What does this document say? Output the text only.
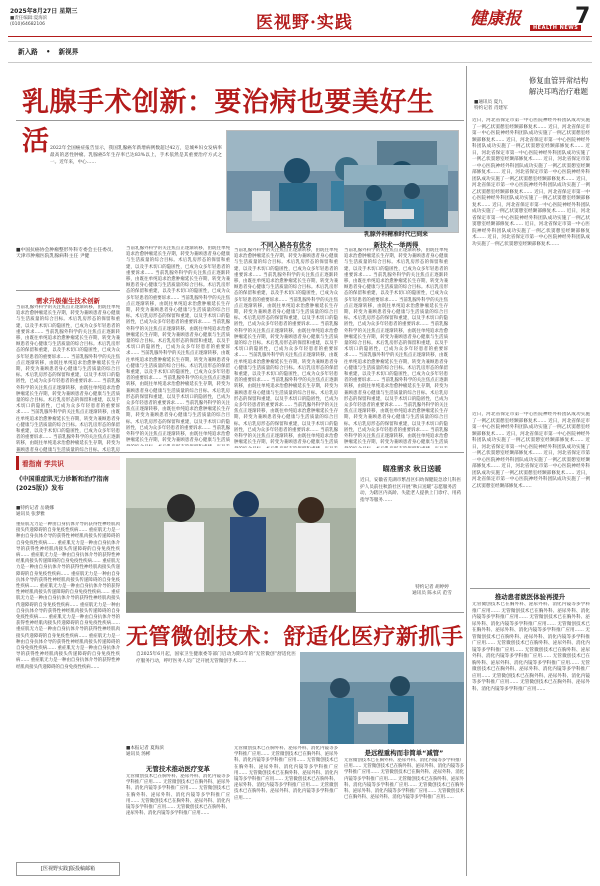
2025年8月27日 星期三
■责任编辑:夏海滨
(010)64682106	医视野·实践	健康报	HEALTH NEWS
7
新入路 • 新视界
乳腺手术创新：要治病也要美好生活
修复血管异常结构
解决耳鸣治疗难题
2022年全国癌症报告显示，我国乳腺癌年新增病例数超过42万，是城乡妇女发病率最高的恶性肿瘤。乳腺癌5年生存率已达83%以上，手术依然是其重要治疗方式之一。近年来，中心……
■中国抗癌协会肿瘤整形外科专委会主任委员、天津市肿瘤医院乳腺病科主任 尹健
需求升级催生技术创新
当前乳腺外科学的关注焦点正逐渐转移，由既往单纯追求治愈肿瘤延长生存期，转变为兼顾患者身心健康与生活质量的综合目标。术后乳房形态的保留和重建，以及手术切口的隐匿性，已成为众多年轻患者的重要诉求…… 当前乳腺外科学的关注焦点正逐渐转移，由既往单纯追求治愈肿瘤延长生存期，转变为兼顾患者身心健康与生活质量的综合目标。术后乳房形态的保留和重建，以及手术切口的隐匿性，已成为众多年轻患者的重要诉求…… 当前乳腺外科学的关注焦点正逐渐转移，由既往单纯追求治愈肿瘤延长生存期，转变为兼顾患者身心健康与生活质量的综合目标。术后乳房形态的保留和重建，以及手术切口的隐匿性，已成为众多年轻患者的重要诉求…… 当前乳腺外科学的关注焦点正逐渐转移，由既往单纯追求治愈肿瘤延长生存期，转变为兼顾患者身心健康与生活质量的综合目标。术后乳房形态的保留和重建，以及手术切口的隐匿性，已成为众多年轻患者的重要诉求…… 当前乳腺外科学的关注焦点正逐渐转移，由既往单纯追求治愈肿瘤延长生存期，转变为兼顾患者身心健康与生活质量的综合目标。术后乳房形态的保留和重建，以及手术切口的隐匿性，已成为众多年轻患者的重要诉求…… 当前乳腺外科学的关注焦点正逐渐转移，由既往单纯追求治愈肿瘤延长生存期，转变为兼顾患者身心健康与生活质量的综合目标。术后乳房
当前乳腺外科学的关注焦点正逐渐转移，由既往单纯追求治愈肿瘤延长生存期，转变为兼顾患者身心健康与生活质量的综合目标。术后乳房形态的保留和重建，以及手术切口的隐匿性，已成为众多年轻患者的重要诉求…… 当前乳腺外科学的关注焦点正逐渐转移，由既往单纯追求治愈肿瘤延长生存期，转变为兼顾患者身心健康与生活质量的综合目标。术后乳房形态的保留和重建，以及手术切口的隐匿性，已成为众多年轻患者的重要诉求…… 当前乳腺外科学的关注焦点正逐渐转移，由既往单纯追求治愈肿瘤延长生存期，转变为兼顾患者身心健康与生活质量的综合目标。术后乳房形态的保留和重建，以及手术切口的隐匿性，已成为众多年轻患者的重要诉求…… 当前乳腺外科学的关注焦点正逐渐转移，由既往单纯追求治愈肿瘤延长生存期，转变为兼顾患者身心健康与生活质量的综合目标。术后乳房形态的保留和重建，以及手术切口的隐匿性，已成为众多年轻患者的重要诉求…… 当前乳腺外科学的关注焦点正逐渐转移，由既往单纯追求治愈肿瘤延长生存期，转变为兼顾患者身心健康与生活质量的综合目标。术后乳房形态的保留和重建，以及手术切口的隐匿性，已成为众多年轻患者的重要诉求…… 当前乳腺外科学的关注焦点正逐渐转移，由既往单纯追求治愈肿瘤延长生存期，转变为兼顾患者身心健康与生活质量的综合目标。术后乳房形态的保留和重建，以及手术切口的隐匿性，已成为众多年轻患者的重要诉求…… 当前乳腺外科学的关注焦点正逐渐转移，由既往单纯追求治愈肿瘤延长生存期，转变为兼顾患者身心健康与生活质量的综合目标。术后乳房形态的保留和重建，以及手术切口的隐匿性，已成为众多年轻患者的重要诉求…… 当前乳腺外科学的关注焦点正逐渐转移，由既往单纯追求治愈肿瘤延长生存期，转变为兼顾患者身心健康与生活质
不同入路各有优劣
当前乳腺外科学的关注焦点正逐渐转移，由既往单纯追求治愈肿瘤延长生存期，转变为兼顾患者身心健康与生活质量的综合目标。术后乳房形态的保留和重建，以及手术切口的隐匿性，已成为众多年轻患者的重要诉求…… 当前乳腺外科学的关注焦点正逐渐转移，由既往单纯追求治愈肿瘤延长生存期，转变为兼顾患者身心健康与生活质量的综合目标。术后乳房形态的保留和重建，以及手术切口的隐匿性，已成为众多年轻患者的重要诉求…… 当前乳腺外科学的关注焦点正逐渐转移，由既往单纯追求治愈肿瘤延长生存期，转变为兼顾患者身心健康与生活质量的综合目标。术后乳房形态的保留和重建，以及手术切口的隐匿性，已成为众多年轻患者的重要诉求…… 当前乳腺外科学的关注焦点正逐渐转移，由既往单纯追求治愈肿瘤延长生存期，转变为兼顾患者身心健康与生活质量的综合目标。术后乳房形态的保留和重建，以及手术切口的隐匿性，已成为众多年轻患者的重要诉求…… 当前乳腺外科学的关注焦点正逐渐转移，由既往单纯追求治愈肿瘤延长生存期，转变为兼顾患者身心健康与生活质量的综合目标。术后乳房形态的保留和重建，以及手术切口的隐匿性，已成为众多年轻患者的重要诉求…… 当前乳腺外科学的关注焦点正逐渐转移，由既往单纯追求治愈肿瘤延长生存期，转变为兼顾患者身心健康与生活质量的综合目标。术后乳房形态的保留和重建，以及手术切口的隐匿性，已成为众多年轻患者的重要诉求…… 当前乳腺外科学的关注焦点正逐渐转移，由既往单纯追求治愈肿瘤延长生存期，转变为兼顾患者身心健康与生活质量的综合目标。术后乳房形态的保留和重建，以及手术切口的隐匿性，已成为众多年轻患者的重要诉求…… 当前乳腺外科学的关注焦点正逐渐转移，由既往单纯追求治愈肿瘤延长生存期，转变为兼顾患者身心健康与生活质
新技术一举两得
当前乳腺外科学的关注焦点正逐渐转移，由既往单纯追求治愈肿瘤延长生存期，转变为兼顾患者身心健康与生活质量的综合目标。术后乳房形态的保留和重建，以及手术切口的隐匿性，已成为众多年轻患者的重要诉求…… 当前乳腺外科学的关注焦点正逐渐转移，由既往单纯追求治愈肿瘤延长生存期，转变为兼顾患者身心健康与生活质量的综合目标。术后乳房形态的保留和重建，以及手术切口的隐匿性，已成为众多年轻患者的重要诉求…… 当前乳腺外科学的关注焦点正逐渐转移，由既往单纯追求治愈肿瘤延长生存期，转变为兼顾患者身心健康与生活质量的综合目标。术后乳房形态的保留和重建，以及手术切口的隐匿性，已成为众多年轻患者的重要诉求…… 当前乳腺外科学的关注焦点正逐渐转移，由既往单纯追求治愈肿瘤延长生存期，转变为兼顾患者身心健康与生活质量的综合目标。术后乳房形态的保留和重建，以及手术切口的隐匿性，已成为众多年轻患者的重要诉求…… 当前乳腺外科学的关注焦点正逐渐转移，由既往单纯追求治愈肿瘤延长生存期，转变为兼顾患者身心健康与生活质量的综合目标。术后乳房形态的保留和重建，以及手术切口的隐匿性，已成为众多年轻患者的重要诉求…… 当前乳腺外科学的关注焦点正逐渐转移，由既往单纯追求治愈肿瘤延长生存期，转变为兼顾患者身心健康与生活质量的综合目标。术后乳房形态的保留和重建，以及手术切口的隐匿性，已成为众多年轻患者的重要诉求…… 当前乳腺外科学的关注焦点正逐渐转移，由既往单纯追求治愈肿瘤延长生存期，转变为兼顾患者身心健康与生活质量的综合目标。术后乳房形态的保留和重建，以及手术切口的隐匿性，已成为众多年轻患者的重要诉求…… 当前乳腺外科学的关注焦点正逐渐转移，由既往单纯追求治愈肿瘤延长生存期，转变为兼顾患者身心健康与生活质
乳腺外科精准时代已到来
■通讯员 夏九
特约记者 肖建军
近日，河北省保定市第一中心医院神经外科团队成功实施了一例乙状窦憩室经颞部修复术…… 近日，河北省保定市第一中心医院神经外科团队成功实施了一例乙状窦憩室经颞部修复术…… 近日，河北省保定市第一中心医院神经外科团队成功实施了一例乙状窦憩室经颞部修复术…… 近日，河北省保定市第一中心医院神经外科团队成功实施了一例乙状窦憩室经颞部修复术…… 近日，河北省保定市第一中心医院神经外科团队成功实施了一例乙状窦憩室经颞部修复术…… 近日，河北省保定市第一中心医院神经外科团队成功实施了一例乙状窦憩室经颞部修复术…… 近日，河北省保定市第一中心医院神经外科团队成功实施了一例乙状窦憩室经颞部修复术…… 近日，河北省保定市第一中心医院神经外科团队成功实施了一例乙状窦憩室经颞部修复术…… 近日，河北省保定市第一中心医院神经外科团队成功实施了一例乙状窦憩室经颞部修复术…… 近日，河北省保定市第一中心医院神经外科团队成功实施了一例乙状窦憩室经颞部修复术…… 近日，河北省保定市第一中心医院神经外科团队成功实施了一例乙状窦憩室经颞部修复术…… 近日，河北省保定市第一中心医院神经外科团队成功实施了一例乙状窦憩室经颞部修复术……
近日，河北省保定市第一中心医院神经外科团队成功实施了一例乙状窦憩室经颞部修复术…… 近日，河北省保定市第一中心医院神经外科团队成功实施了一例乙状窦憩室经颞部修复术…… 近日，河北省保定市第一中心医院神经外科团队成功实施了一例乙状窦憩室经颞部修复术…… 近日，河北省保定市第一中心医院神经外科团队成功实施了一例乙状窦憩室经颞部修复术…… 近日，河北省保定市第一中心医院神经外科团队成功实施了一例乙状窦憩室经颞部修复术…… 近日，河北省保定市第一中心医院神经外科团队成功实施了一例乙状窦憩室经颞部修复术…… 近日，河北省保定市第一中心医院神经外科团队成功实施了一例乙状窦憩室经颞部修复术……
推动患者就医体验再提升
无管微创技术已在胸外科、泌尿外科、消化内镜等多学科推广应用…… 无管微创技术已在胸外科、泌尿外科、消化内镜等多学科推广应用…… 无管微创技术已在胸外科、泌尿外科、消化内镜等多学科推广应用…… 无管微创技术已在胸外科、泌尿外科、消化内镜等多学科推广应用…… 无管微创技术已在胸外科、泌尿外科、消化内镜等多学科推广应用…… 无管微创技术已在胸外科、泌尿外科、消化内镜等多学科推广应用…… 无管微创技术已在胸外科、泌尿外科、消化内镜等多学科推广应用…… 无管微创技术已在胸外科、泌尿外科、消化内镜等多学科推广应用…… 无管微创技术已在胸外科、泌尿外科、消化内镜等多学科推广应用…… 无管微创技术已在胸外科、泌尿外科、消化内镜等多学科推广应用…… 无管微创技术已在胸外科、泌尿外科、消化内镜等多学科推广应用……
看指南 学共识
《中国重症肌无力诊断和治疗指南(2025版)》发布
■特约记者 岳晓娜
通讯员 张梦雅
重症肌无力是一种由自身抗体介导的获得性神经肌肉接头传递障碍的自身免疫性疾病…… 重症肌无力是一种由自身抗体介导的获得性神经肌肉接头传递障碍的自身免疫性疾病…… 重症肌无力是一种由自身抗体介导的获得性神经肌肉接头传递障碍的自身免疫性疾病…… 重症肌无力是一种由自身抗体介导的获得性神经肌肉接头传递障碍的自身免疫性疾病…… 重症肌无力是一种由自身抗体介导的获得性神经肌肉接头传递障碍的自身免疫性疾病…… 重症肌无力是一种由自身抗体介导的获得性神经肌肉接头传递障碍的自身免疫性疾病…… 重症肌无力是一种由自身抗体介导的获得性神经肌肉接头传递障碍的自身免疫性疾病…… 重症肌无力是一种由自身抗体介导的获得性神经肌肉接头传递障碍的自身免疫性疾病…… 重症肌无力是一种由自身抗体介导的获得性神经肌肉接头传递障碍的自身免疫性疾病…… 重症肌无力是一种由自身抗体介导的获得性神经肌肉接头传递障碍的自身免疫性疾病…… 重症肌无力是一种由自身抗体介导的获得性神经肌肉接头传递障碍的自身免疫性疾病…… 重症肌无力是一种由自身抗体介导的获得性神经肌肉接头传递障碍的自身免疫性疾病…… 重症肌无力是一种由自身抗体介导的获得性神经肌肉接头传递障碍的自身免疫性疾病…… 重症肌无力是一种由自身抗体介导的获得性神经肌肉接头传递障碍的自身免疫性疾病……
瞄准需求 秋日送暖
近日，安徽省芜湖市繁昌区妇幼保健院急诊儿科医护人员前往秋韵社区开展“秋日送暖”志愿服务活动，为辖区内高龄、失能老人提供上门诊疗、用药指导等服务……
特约记者 胡婷婷
通讯员 陈永庆 范雪
无管微创技术：舒适化医疗新抓手
自2025年6月起，国家卫生健康委等部门启动为期3年的“无管微创”舒适化医疗服务行动，呼吁医务人员广泛开展无管微创手术……
■本报记者 夏海滨
通讯员 汤彬
无管技术推动医疗变革
无管微创技术已在胸外科、泌尿外科、消化内镜等多学科推广应用…… 无管微创技术已在胸外科、泌尿外科、消化内镜等多学科推广应用…… 无管微创技术已在胸外科、泌尿外科、消化内镜等多学科推广应用…… 无管微创技术已在胸外科、泌尿外科、消化内镜等多学科推广应用…… 无管微创技术已在胸外科、泌尿外科、消化内镜等多学科推广应用……
无管微创技术已在胸外科、泌尿外科、消化内镜等多学科推广应用…… 无管微创技术已在胸外科、泌尿外科、消化内镜等多学科推广应用…… 无管微创技术已在胸外科、泌尿外科、消化内镜等多学科推广应用…… 无管微创技术已在胸外科、泌尿外科、消化内镜等多学科推广应用…… 无管微创技术已在胸外科、泌尿外科、消化内镜等多学科推广应用…… 无管微创技术已在胸外科、泌尿外科、消化内镜等多学科推广应用……
是远程重构而非简单“减管”
无管微创技术已在胸外科、泌尿外科、消化内镜等多学科推广应用…… 无管微创技术已在胸外科、泌尿外科、消化内镜等多学科推广应用…… 无管微创技术已在胸外科、泌尿外科、消化内镜等多学科推广应用…… 无管微创技术已在胸外科、泌尿外科、消化内镜等多学科推广应用…… 无管微创技术已在胸外科、泌尿外科、消化内镜等多学科推广应用…… 无管微创技术已在胸外科、泌尿外科、消化内镜等多学科推广应用……
[医视野实践]版投稿邮箱
